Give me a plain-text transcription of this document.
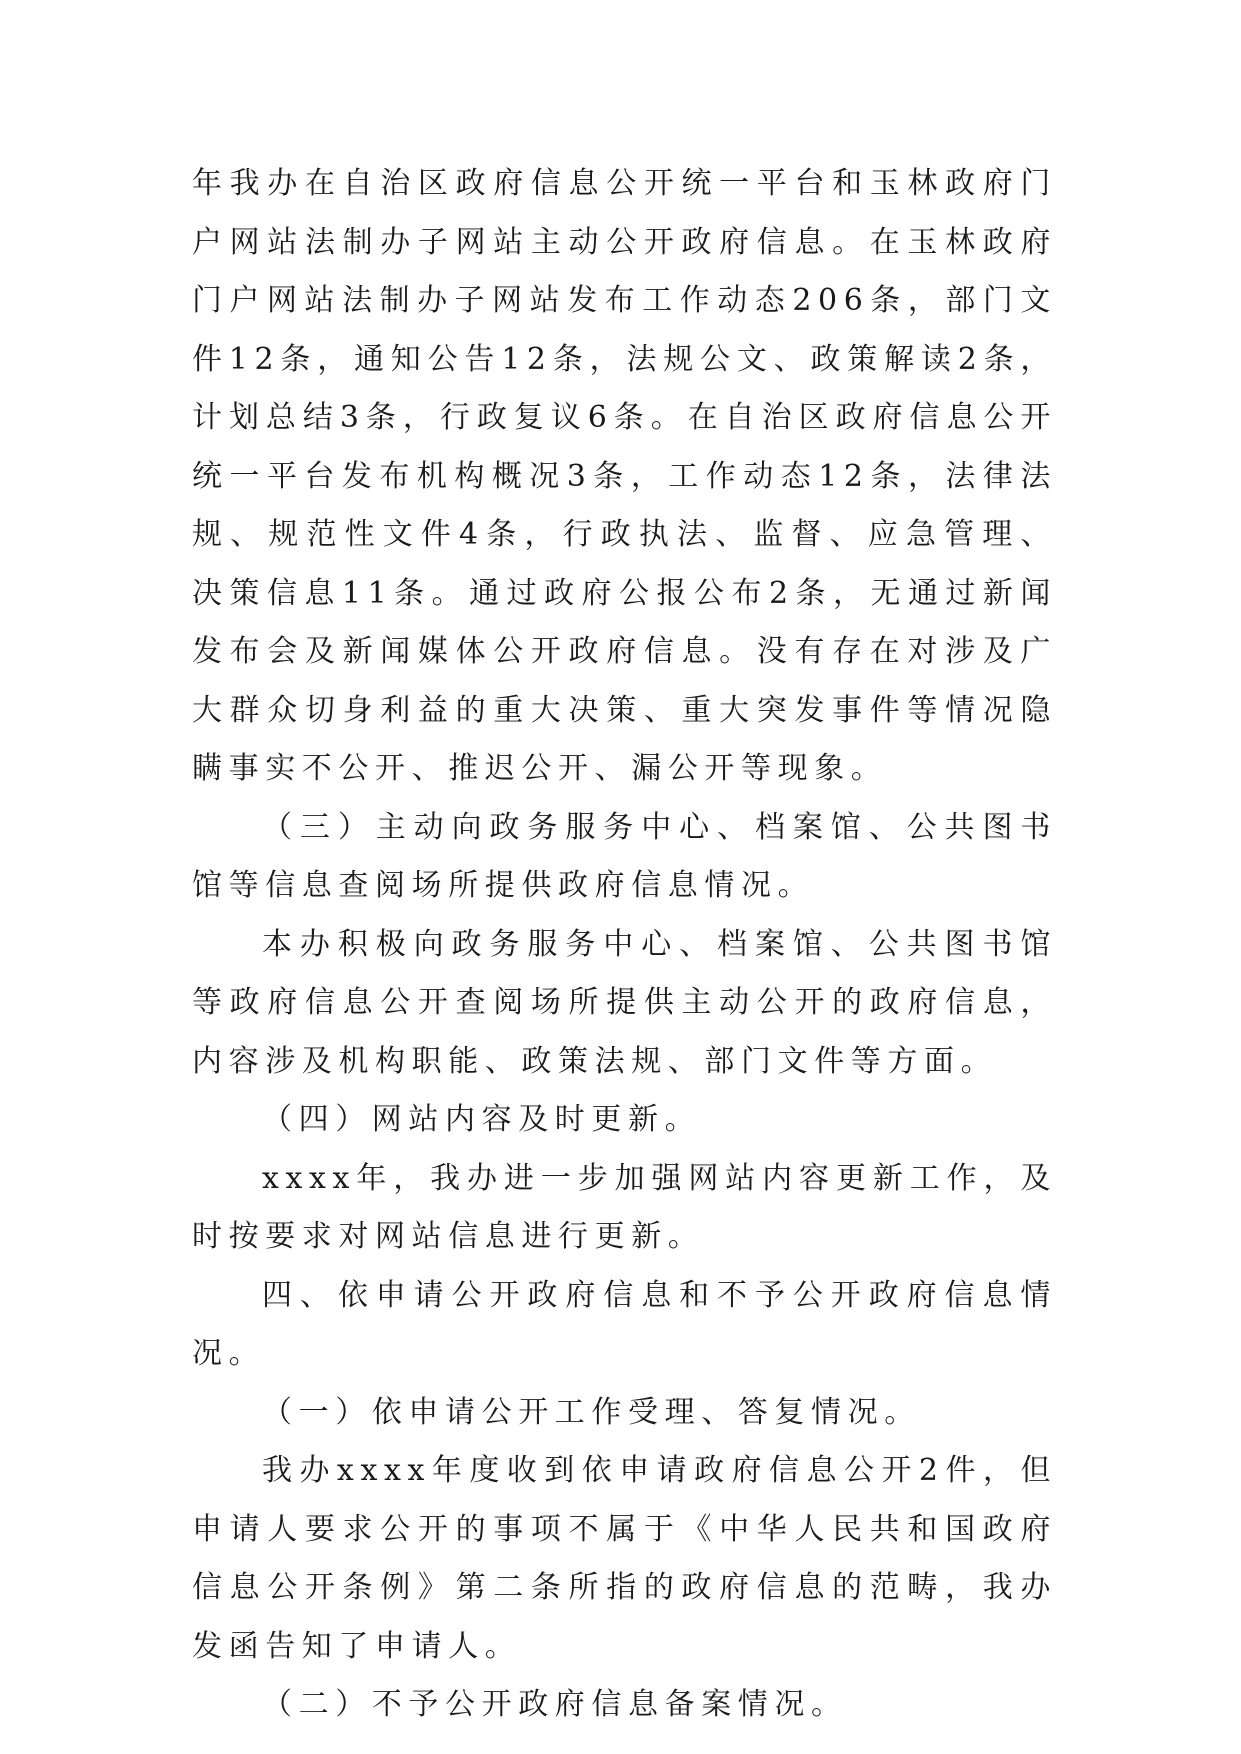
年我办在自治区政府信息公开统一平台和玉林政府门户网站法制办子网站主动公开政府信息。在玉林政府门户网站法制办子网站发布工作动态206条，部门文件12条，通知公告12条，法规公文、政策解读2条，计划总结3条，行政复议6条。在自治区政府信息公开统一平台发布机构概况3条，工作动态12条，法律法规、规范性文件4条，行政执法、监督、应急管理、决策信息11条。通过政府公报公布2条，无通过新闻发布会及新闻媒体公开政府信息。没有存在对涉及广大群众切身利益的重大决策、重大突发事件等情况隐瞒事实不公开、推迟公开、漏公开等现象。

（三）主动向政务服务中心、档案馆、公共图书馆等信息查阅场所提供政府信息情况。

本办积极向政务服务中心、档案馆、公共图书馆等政府信息公开查阅场所提供主动公开的政府信息，内容涉及机构职能、政策法规、部门文件等方面。

（四）网站内容及时更新。

xxxx年，我办进一步加强网站内容更新工作，及时按要求对网站信息进行更新。

四、依申请公开政府信息和不予公开政府信息情况。

（一）依申请公开工作受理、答复情况。

我办xxxx年度收到依申请政府信息公开2件，但申请人要求公开的事项不属于《中华人民共和国政府信息公开条例》第二条所指的政府信息的范畴，我办发函告知了申请人。

（二）不予公开政府信息备案情况。
